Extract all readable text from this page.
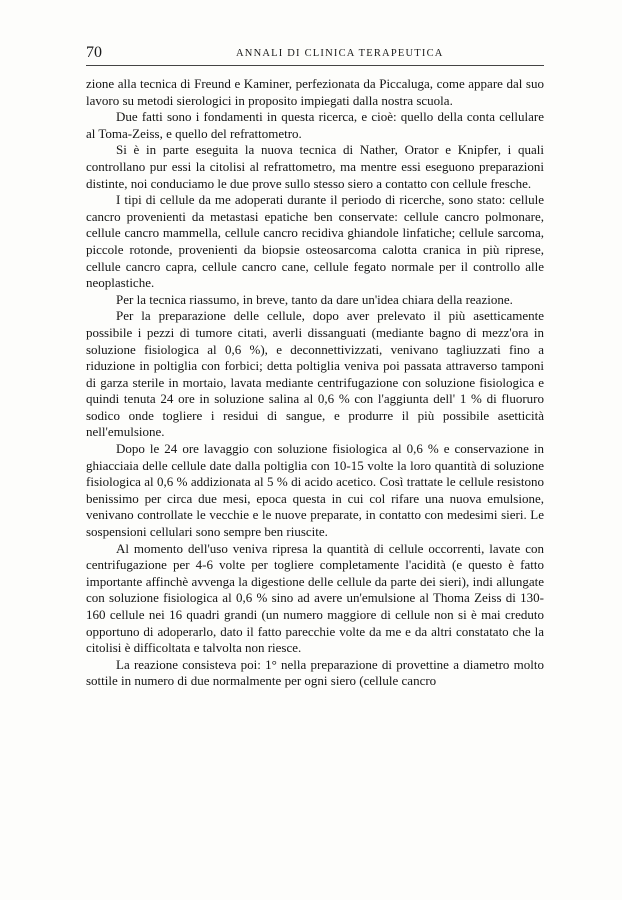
70	ANNALI DI CLINICA TERAPEUTICA

zione alla tecnica di Freund e Kaminer, perfezionata da Piccaluga, come appare dal suo lavoro su metodi sierologici in proposito impiegati dalla nostra scuola.

Due fatti sono i fondamenti in questa ricerca, e cioè: quello della conta cellulare al Toma-Zeiss, e quello del refrattometro.

Si è in parte eseguita la nuova tecnica di Nather, Orator e Knipfer, i quali controllano pur essi la citolisi al refrattometro, ma mentre essi eseguono preparazioni distinte, noi conduciamo le due prove sullo stesso siero a contatto con cellule fresche.

I tipi di cellule da me adoperati durante il periodo di ricerche, sono stato: cellule cancro provenienti da metastasi epatiche ben conservate: cellule cancro polmonare, cellule cancro mammella, cellule cancro recidiva ghiandole linfatiche; cellule sarcoma, piccole rotonde, provenienti da biopsie osteosarcoma calotta cranica in più riprese, cellule cancro capra, cellule cancro cane, cellule fegato normale per il controllo alle neoplastiche.

Per la tecnica riassumo, in breve, tanto da dare un'idea chiara della reazione.

Per la preparazione delle cellule, dopo aver prelevato il più asetticamente possibile i pezzi di tumore citati, averli dissanguati (mediante bagno di mezz'ora in soluzione fisiologica al 0,6 %), e deconnettivizzati, venivano tagliuzzati fino a riduzione in poltiglia con forbici; detta poltiglia veniva poi passata attraverso tamponi di garza sterile in mortaio, lavata mediante centrifugazione con soluzione fisiologica e quindi tenuta 24 ore in soluzione salina al 0,6 % con l'aggiunta dell' 1 % di fluoruro sodico onde togliere i residui di sangue, e produrre il più possibile asetticità nell'emulsione.

Dopo le 24 ore lavaggio con soluzione fisiologica al 0,6 % e conservazione in ghiacciaia delle cellule date dalla poltiglia con 10-15 volte la loro quantità di soluzione fisiologica al 0,6 % addizionata al 5 % di acido acetico. Così trattate le cellule resistono benissimo per circa due mesi, epoca questa in cui col rifare una nuova emulsione, venivano controllate le vecchie e le nuove preparate, in contatto con medesimi sieri. Le sospensioni cellulari sono sempre ben riuscite.

Al momento dell'uso veniva ripresa la quantità di cellule occorrenti, lavate con centrifugazione per 4-6 volte per togliere completamente l'acidità (e questo è fatto importante affinchè avvenga la digestione delle cellule da parte dei sieri), indi allungate con soluzione fisiologica al 0,6 % sino ad avere un'emulsione al Thoma Zeiss di 130-160 cellule nei 16 quadri grandi (un numero maggiore di cellule non si è mai creduto opportuno di adoperarlo, dato il fatto parecchie volte da me e da altri constatato che la citolisi è difficoltata e talvolta non riesce.

La reazione consisteva poi: 1° nella preparazione di provettine a diametro molto sottile in numero di due normalmente per ogni siero (cellule cancro
